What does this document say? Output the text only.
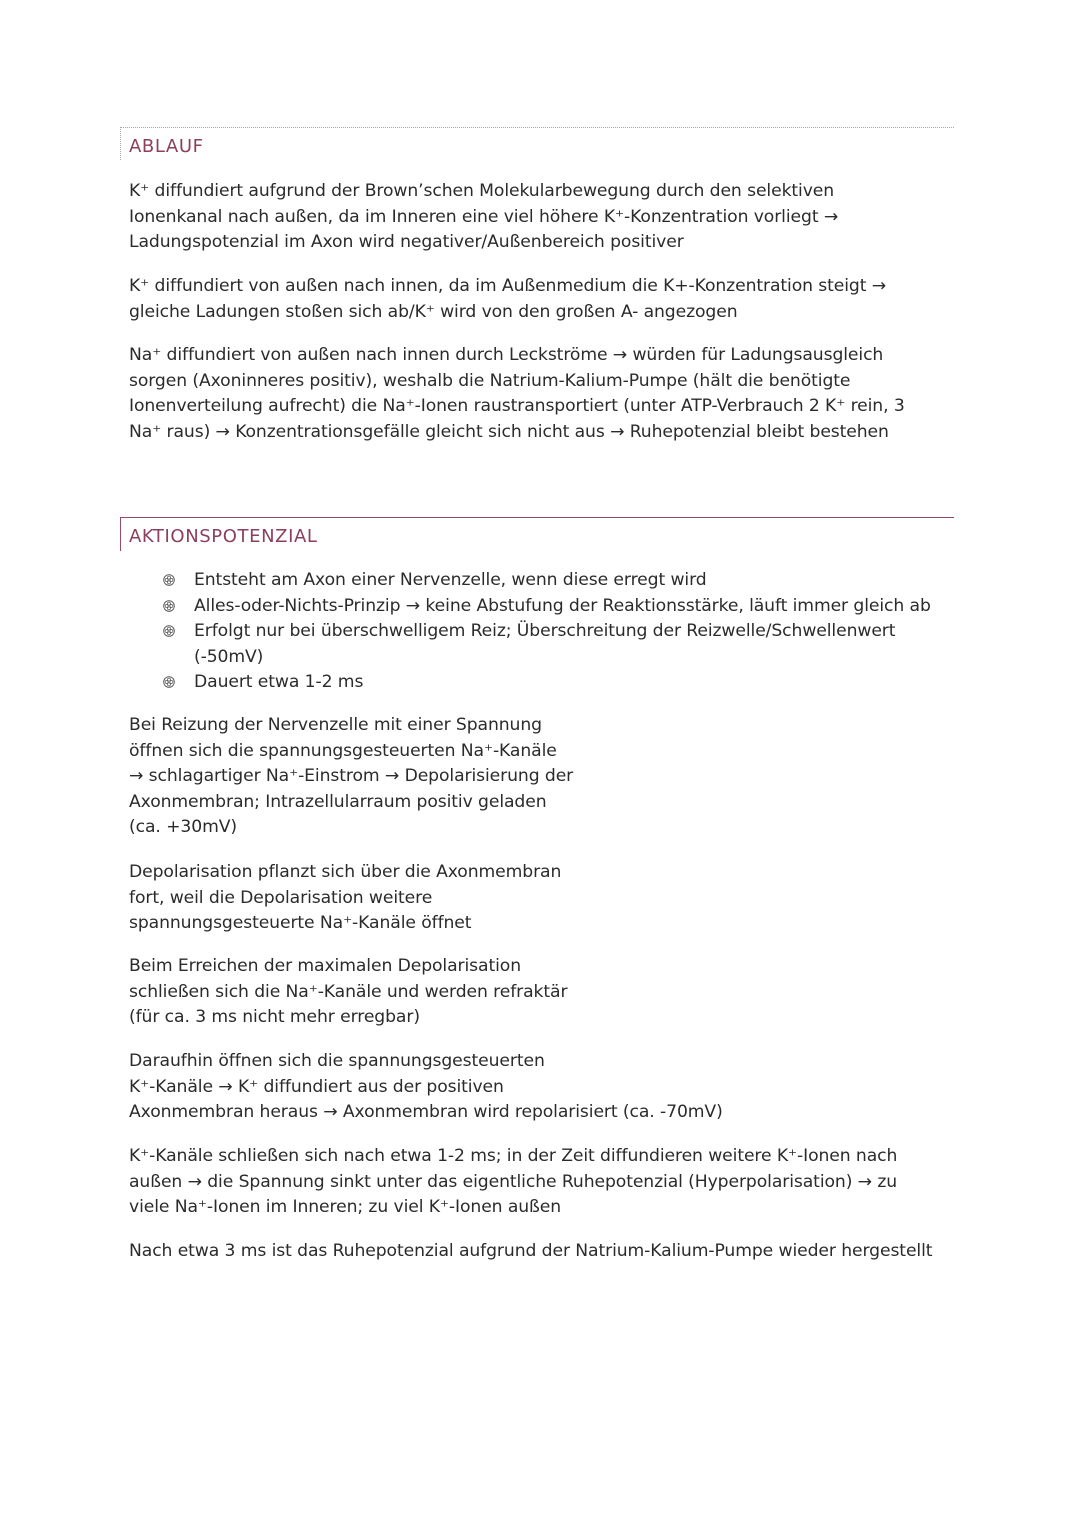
ABLAUF

K⁺ diffundiert aufgrund der Brown’schen Molekularbewegung durch den selektiven
Ionenkanal nach außen, da im Inneren eine viel höhere K⁺-Konzentration vorliegt →
Ladungspotenzial im Axon wird negativer/Außenbereich positiver

K⁺ diffundiert von außen nach innen, da im Außenmedium die K+-Konzentration steigt →
gleiche Ladungen stoßen sich ab/K⁺ wird von den großen A- angezogen

Na⁺ diffundiert von außen nach innen durch Leckströme → würden für Ladungsausgleich
sorgen (Axoninneres positiv), weshalb die Natrium-Kalium-Pumpe (hält die benötigte
Ionenverteilung aufrecht) die Na⁺-Ionen raustransportiert (unter ATP-Verbrauch 2 K⁺ rein, 3
Na⁺ raus) → Konzentrationsgefälle gleicht sich nicht aus → Ruhepotenzial bleibt bestehen

AKTIONSPOTENZIAL
Entsteht am Axon einer Nervenzelle, wenn diese erregt wird
Alles-oder-Nichts-Prinzip → keine Abstufung der Reaktionsstärke, läuft immer gleich ab
Erfolgt nur bei überschwelligem Reiz; Überschreitung der Reizwelle/Schwellenwert
(-50mV)
Dauert etwa 1-2 ms

Bei Reizung der Nervenzelle mit einer Spannung
öffnen sich die spannungsgesteuerten Na⁺-Kanäle
→ schlagartiger Na⁺-Einstrom → Depolarisierung der
Axonmembran; Intrazellularraum positiv geladen
(ca. +30mV)

Depolarisation pflanzt sich über die Axonmembran
fort, weil die Depolarisation weitere
spannungsgesteuerte Na⁺-Kanäle öffnet

Beim Erreichen der maximalen Depolarisation
schließen sich die Na⁺-Kanäle und werden refraktär
(für ca. 3 ms nicht mehr erregbar)

Daraufhin öffnen sich die spannungsgesteuerten
K⁺-Kanäle → K⁺ diffundiert aus der positiven
Axonmembran heraus → Axonmembran wird repolarisiert (ca. -70mV)

K⁺-Kanäle schließen sich nach etwa 1-2 ms; in der Zeit diffundieren weitere K⁺-Ionen nach
außen → die Spannung sinkt unter das eigentliche Ruhepotenzial (Hyperpolarisation) → zu
viele Na⁺-Ionen im Inneren; zu viel K⁺-Ionen außen

Nach etwa 3 ms ist das Ruhepotenzial aufgrund der Natrium-Kalium-Pumpe wieder hergestellt
